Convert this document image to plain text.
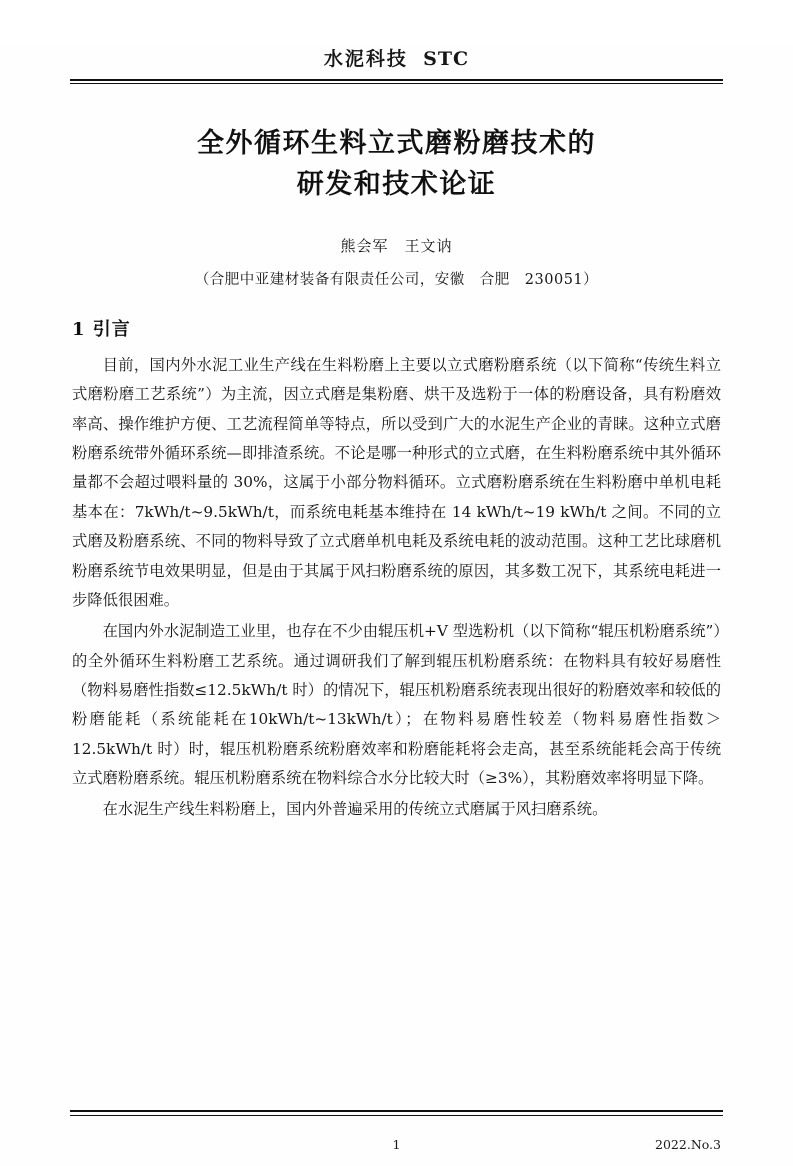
水泥科技 STC
全外循环生料立式磨粉磨技术的
研发和技术论证
熊会军　王文讷
（合肥中亚建材装备有限责任公司，安徽　合肥　230051）
1 引言

目前，国内外水泥工业生产线在生料粉磨上主要以立式磨粉磨系统（以下简称“传统生料立式磨粉磨工艺系统”）为主流，因立式磨是集粉磨、烘干及选粉于一体的粉磨设备，具有粉磨效率高、操作维护方便、工艺流程简单等特点，所以受到广大的水泥生产企业的青睐。这种立式磨粉磨系统带外循环系统—即排渣系统。不论是哪一种形式的立式磨，在生料粉磨系统中其外循环量都不会超过喂料量的 30%，这属于小部分物料循环。立式磨粉磨系统在生料粉磨中单机电耗基本在：7kWh/t~9.5kWh/t，而系统电耗基本维持在 14 kWh/t~19 kWh/t 之间。不同的立式磨及粉磨系统、不同的物料导致了立式磨单机电耗及系统电耗的波动范围。这种工艺比球磨机粉磨系统节电效果明显，但是由于其属于风扫粉磨系统的原因，其多数工况下，其系统电耗进一步降低很困难。

在国内外水泥制造工业里，也存在不少由辊压机+V 型选粉机（以下简称“辊压机粉磨系统”）的全外循环生料粉磨工艺系统。通过调研我们了解到辊压机粉磨系统：在物料具有较好易磨性（物料易磨性指数≤12.5kWh/t 时）的情况下，辊压机粉磨系统表现出很好的粉磨效率和较低的粉磨能耗（系统能耗在10kWh/t~13kWh/t）；在物料易磨性较差（物料易磨性指数＞12.5kWh/t 时）时，辊压机粉磨系统粉磨效率和粉磨能耗将会走高，甚至系统能耗会高于传统立式磨粉磨系统。辊压机粉磨系统在物料综合水分比较大时（≥3%），其粉磨效率将明显下降。

在水泥生产线生料粉磨上，国内外普遍采用的传统立式磨属于风扫磨系统。

1	2022.No.3
